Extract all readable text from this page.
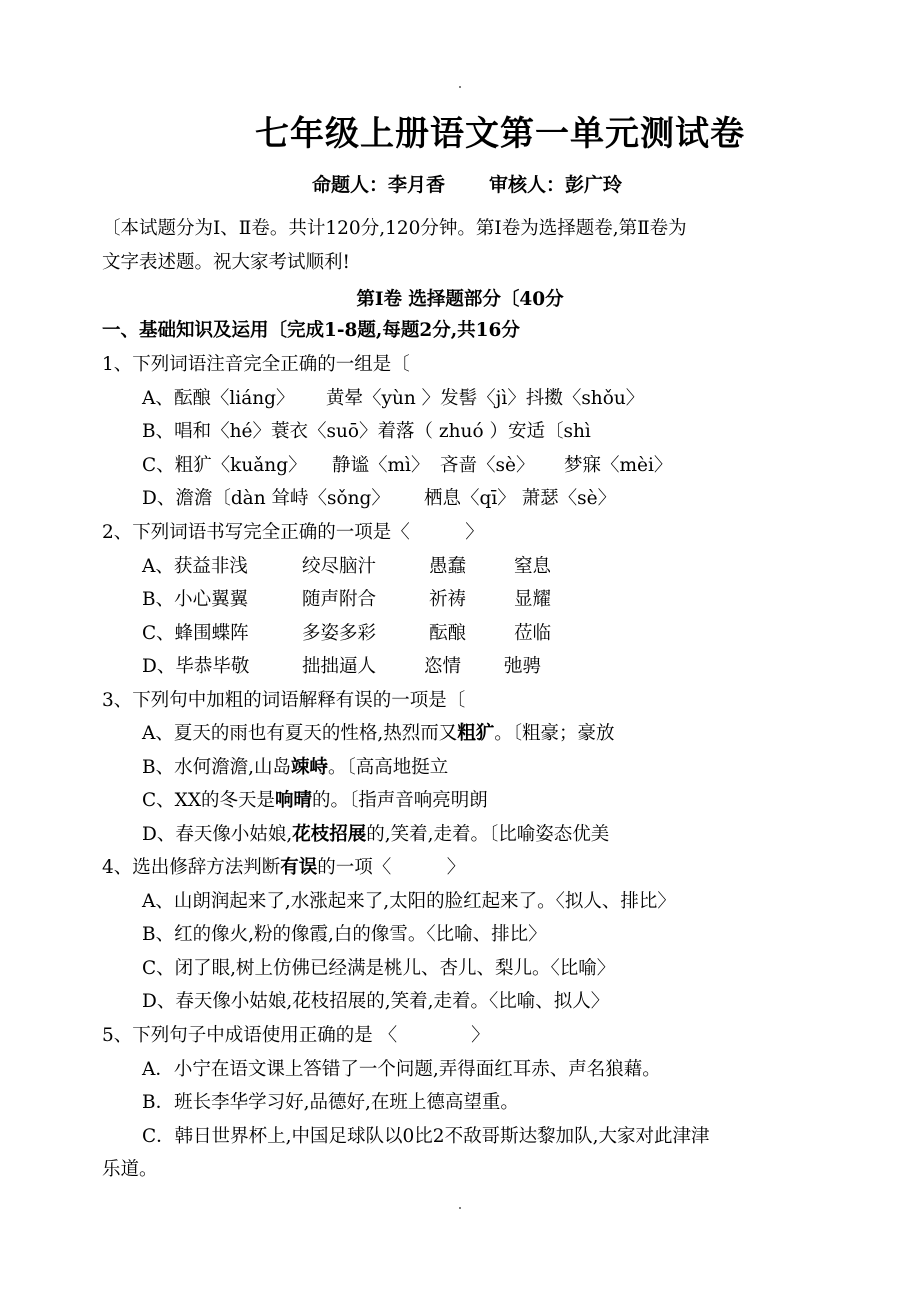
七年级上册语文第一单元测试卷
命题人：李月香 审核人：彭广玲
〔本试题分为Ⅰ、Ⅱ卷。共计120分,120分钟。第Ⅰ卷为选择题卷,第Ⅱ卷为
文字表述题。祝大家考试顺利!
第Ⅰ卷 选择题部分〔40分
一、基础知识及运用〔完成1-8题,每题2分,共16分
1、下列词语注音完全正确的一组是〔
A、酝酿〈liáng〉 黄晕〈yùn 〉发髻〈jì〉抖擞〈shǒu〉
B、唱和〈hé〉蓑衣〈suō〉着落（ zhuó ）安适〔shì
C、粗犷〈kuǎng〉 静谧〈mì〉 吝啬〈sè〉 梦寐〈mèi〉
D、澹澹〔dàn 耸峙〈sǒng〉 栖息〈qī〉 萧瑟〈sè〉
2、下列词语书写完全正确的一项是〈　　　〉
A、获益非浅	绞尽脑汁	愚蠢	窒息
B、小心翼翼	随声附合	祈祷	显耀
C、蜂围蝶阵	多姿多彩	酝酿	莅临
D、毕恭毕敬	拙拙逼人	恣情 弛骋
3、下列句中加粗的词语解释有误的一项是〔
A、夏天的雨也有夏天的性格,热烈而又粗犷。〔粗豪；豪放
B、水何澹澹,山岛竦峙。〔高高地挺立
C、XX的冬天是响晴的。〔指声音响亮明朗
D、春天像小姑娘,花枝招展的,笑着,走着。〔比喻姿态优美
4、选出修辞方法判断有误的一项〈　　　〉
A、山朗润起来了,水涨起来了,太阳的脸红起来了。〈拟人、排比〉
B、红的像火,粉的像霞,白的像雪。〈比喻、排比〉
C、闭了眼,树上仿佛已经满是桃儿、杏儿、梨儿。〈比喻〉
D、春天像小姑娘,花枝招展的,笑着,走着。〈比喻、拟人〉
5、下列句子中成语使用正确的是 〈　　　　〉
A．小宁在语文课上答错了一个问题,弄得面红耳赤、声名狼藉。
B．班长李华学习好,品德好,在班上德高望重。
C．韩日世界杯上,中国足球队以0比2不敌哥斯达黎加队,大家对此津津
乐道。
